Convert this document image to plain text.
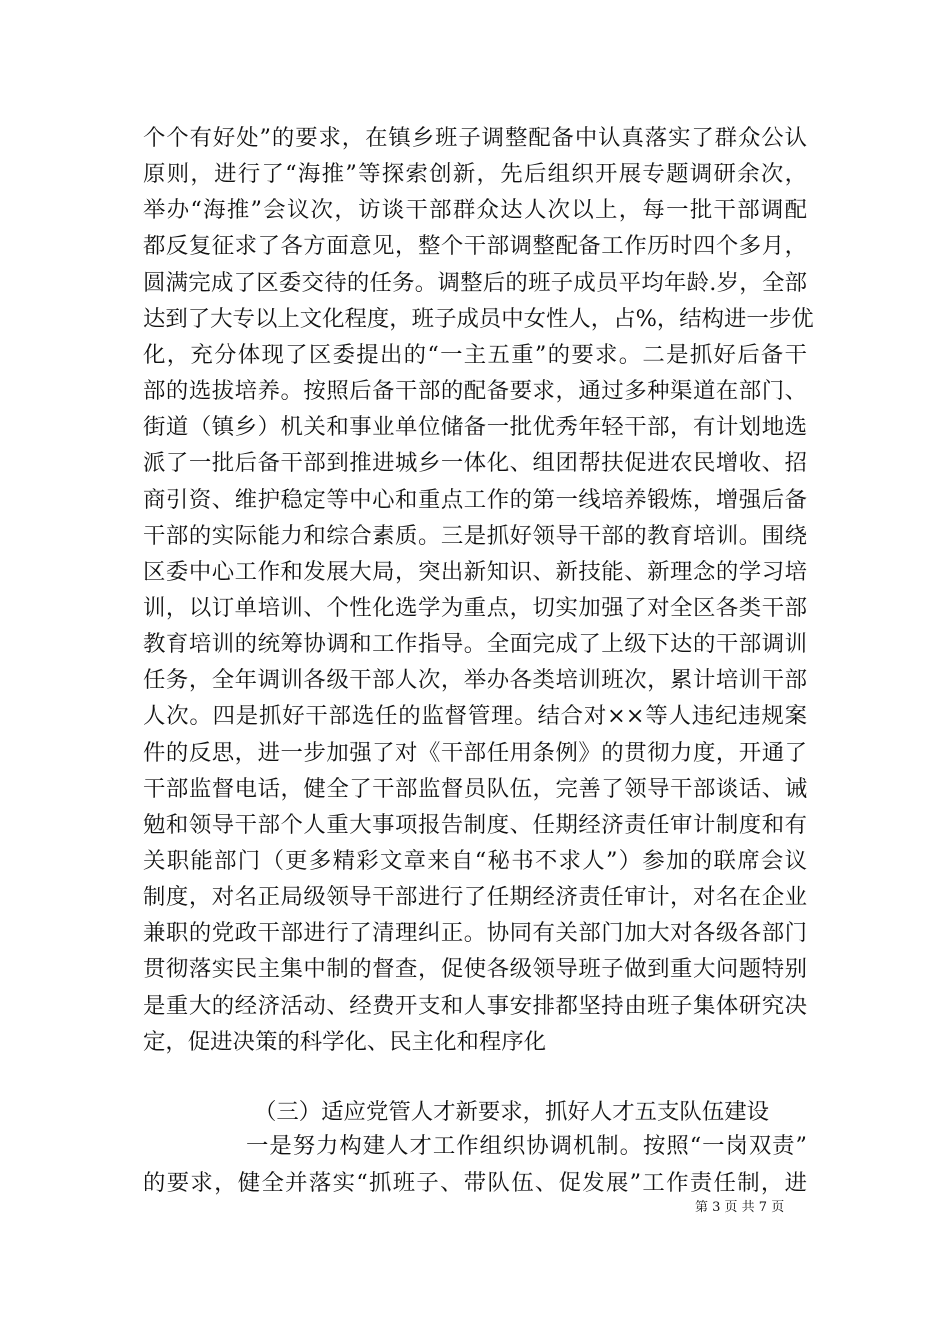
个个有好处”的要求，在镇乡班子调整配备中认真落实了群众公认
原则，进行了“海推”等探索创新，先后组织开展专题调研余次，
举办“海推”会议次，访谈干部群众达人次以上，每一批干部调配
都反复征求了各方面意见，整个干部调整配备工作历时四个多月，
圆满完成了区委交待的任务。调整后的班子成员平均年龄.岁，全部
达到了大专以上文化程度，班子成员中女性人，占%，结构进一步优
化，充分体现了区委提出的“一主五重”的要求。二是抓好后备干
部的选拔培养。按照后备干部的配备要求，通过多种渠道在部门、
街道（镇乡）机关和事业单位储备一批优秀年轻干部，有计划地选
派了一批后备干部到推进城乡一体化、组团帮扶促进农民增收、招
商引资、维护稳定等中心和重点工作的第一线培养锻炼，增强后备
干部的实际能力和综合素质。三是抓好领导干部的教育培训。围绕
区委中心工作和发展大局，突出新知识、新技能、新理念的学习培
训，以订单培训、个性化选学为重点，切实加强了对全区各类干部
教育培训的统筹协调和工作指导。全面完成了上级下达的干部调训
任务，全年调训各级干部人次，举办各类培训班次，累计培训干部
人次。四是抓好干部选任的监督管理。结合对××等人违纪违规案
件的反思，进一步加强了对《干部任用条例》的贯彻力度，开通了
干部监督电话，健全了干部监督员队伍，完善了领导干部谈话、诫
勉和领导干部个人重大事项报告制度、任期经济责任审计制度和有
关职能部门（更多精彩文章来自“秘书不求人”）参加的联席会议
制度，对名正局级领导干部进行了任期经济责任审计，对名在企业
兼职的党政干部进行了清理纠正。协同有关部门加大对各级各部门
贯彻落实民主集中制的督查，促使各级领导班子做到重大问题特别
是重大的经济活动、经费开支和人事安排都坚持由班子集体研究决
定，促进决策的科学化、民主化和程序化
（三）适应党管人才新要求，抓好人才五支队伍建设
一是努力构建人才工作组织协调机制。按照“一岗双责”
的要求，健全并落实“抓班子、带队伍、促发展”工作责任制，进
第 3 页 共 7 页
